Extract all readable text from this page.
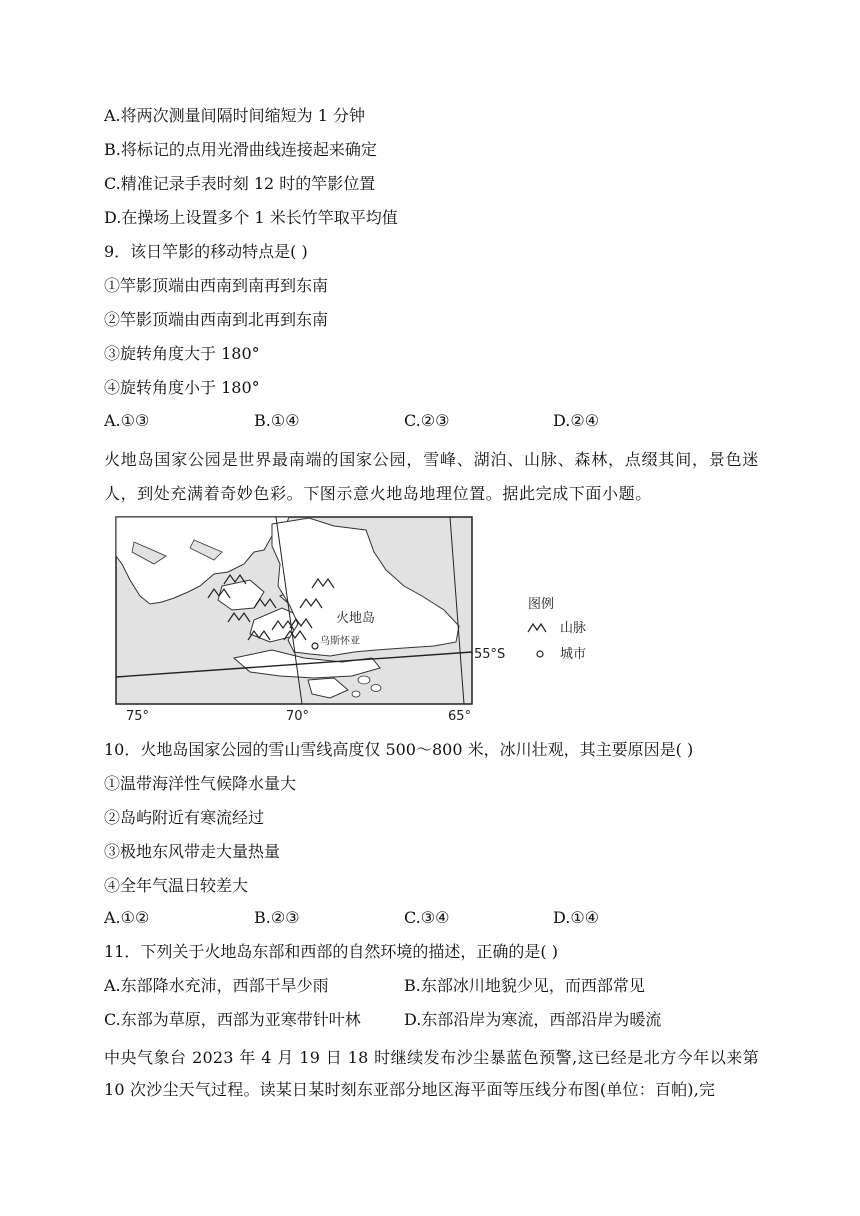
A.将两次测量间隔时间缩短为 1 分钟
B.将标记的点用光滑曲线连接起来确定
C.精准记录手表时刻 12 时的竿影位置
D.在操场上设置多个 1 米长竹竿取平均值
9．该日竿影的移动特点是( )
①竿影顶端由西南到南再到东南
②竿影顶端由西南到北再到东南
③旋转角度大于 180°
④旋转角度小于 180°
A.①③	B.①④	C.②③	D.②④
火地岛国家公园是世界最南端的国家公园，雪峰、湖泊、山脉、森林，点缀其间，景色迷人，到处充满着奇妙色彩。下图示意火地岛地理位置。据此完成下面小题。
火地岛
乌斯怀亚
55°S
75°	70°	65°
图例
山脉
城市
10．火地岛国家公园的雪山雪线高度仅 500～800 米，冰川壮观，其主要原因是( )
①温带海洋性气候降水量大
②岛屿附近有寒流经过
③极地东风带走大量热量
④全年气温日较差大
A.①②	B.②③	C.③④	D.①④
11．下列关于火地岛东部和西部的自然环境的描述，正确的是( )
A.东部降水充沛，西部干旱少雨	B.东部冰川地貌少见，而西部常见
C.东部为草原，西部为亚寒带针叶林	D.东部沿岸为寒流，西部沿岸为暖流
中央气象台 2023 年 4 月 19 日 18 时继续发布沙尘暴蓝色预警,这已经是北方今年以来第 10 次沙尘天气过程。读某日某时刻东亚部分地区海平面等压线分布图(单位：百帕),完
